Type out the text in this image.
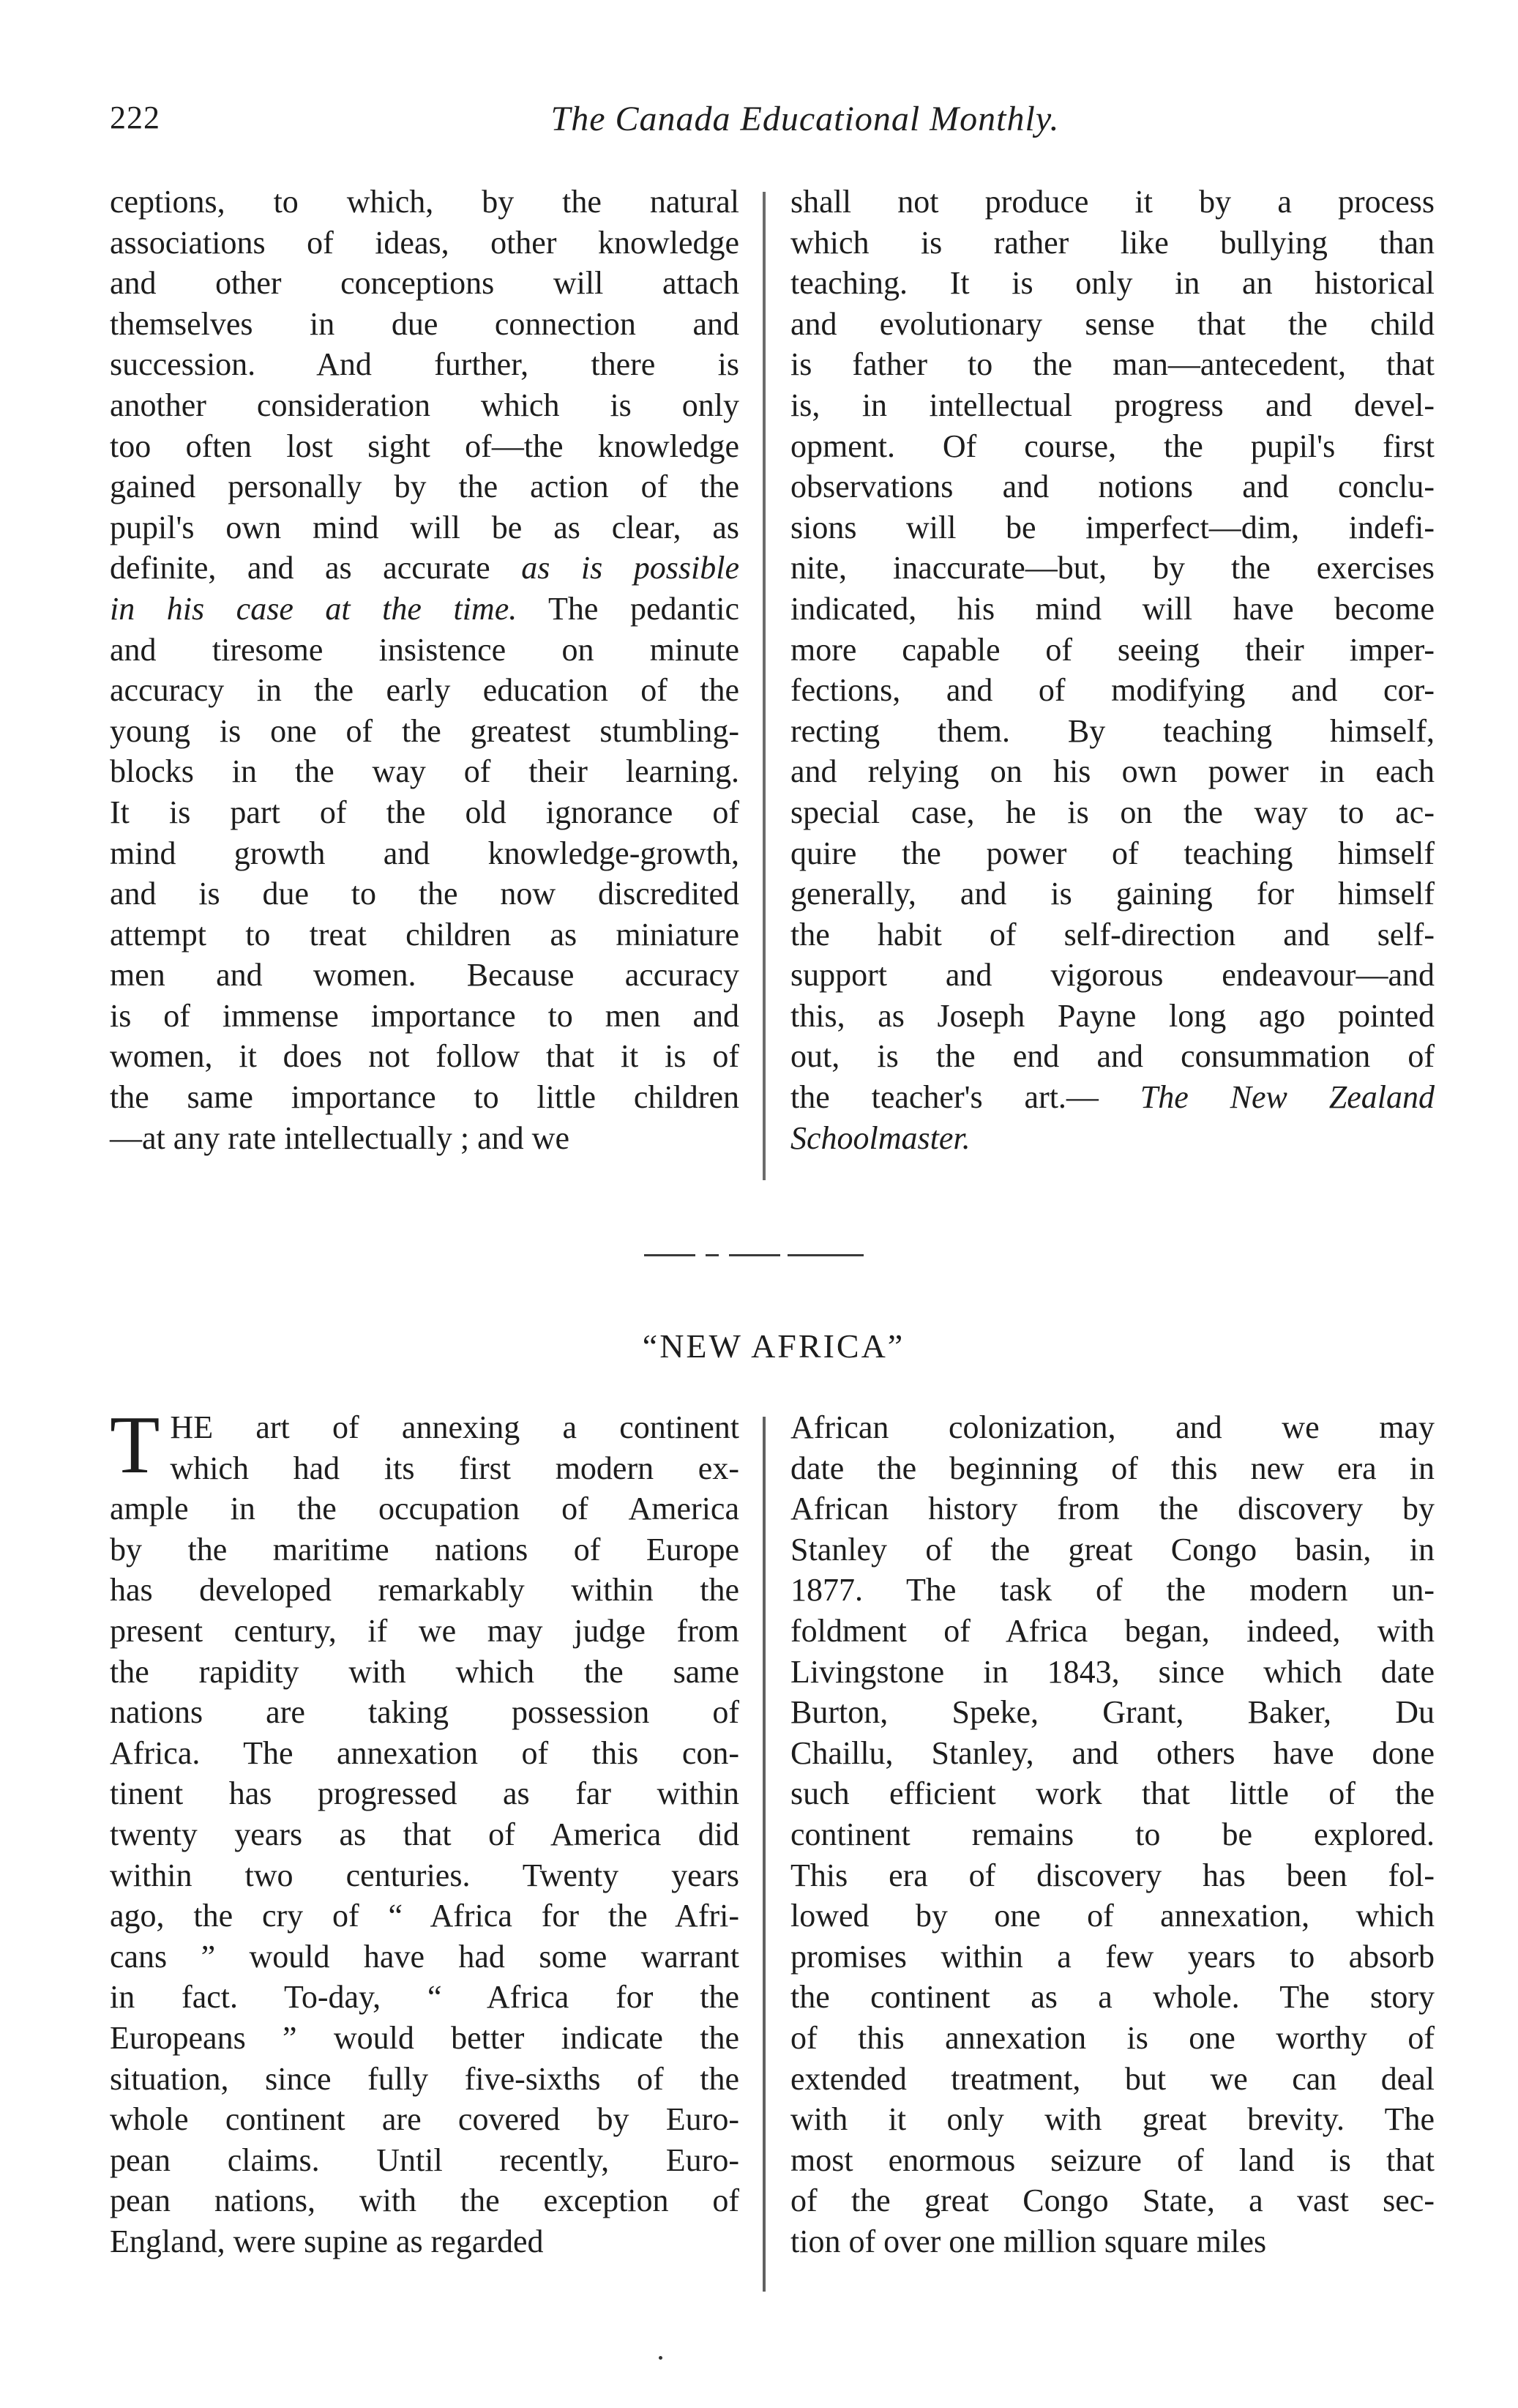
222	The Canada Educational Monthly.
ceptions, to which, by the natural
associations of ideas, other knowledge
and other conceptions will attach
themselves in due connection and
succession. And further, there is
another consideration which is only
too often lost sight of—the knowledge
gained personally by the action of the
pupil's own mind will be as clear, as
definite, and as accurate as is possible
in his case at the time. The pedantic
and tiresome insistence on minute
accuracy in the early education of the
young is one of the greatest stumbling-
blocks in the way of their learning.
It is part of the old ignorance of
mind growth and knowledge-growth,
and is due to the now discredited
attempt to treat children as miniature
men and women. Because accuracy
is of immense importance to men and
women, it does not follow that it is of
the same importance to little children
—at any rate intellectually ; and we
shall not produce it by a process
which is rather like bullying than
teaching. It is only in an historical
and evolutionary sense that the child
is father to the man—antecedent, that
is, in intellectual progress and devel-
opment. Of course, the pupil's first
observations and notions and conclu-
sions will be imperfect—dim, indefi-
nite, inaccurate—but, by the exercises
indicated, his mind will have become
more capable of seeing their imper-
fections, and of modifying and cor-
recting them. By teaching himself,
and relying on his own power in each
special case, he is on the way to ac-
quire the power of teaching himself
generally, and is gaining for himself
the habit of self-direction and self-
support and vigorous endeavour—and
this, as Joseph Payne long ago pointed
out, is the end and consummation of
the teacher's art.— The New Zealand
Schoolmaster.
“NEW AFRICA”
T HE art of annexing a continent
which had its first modern ex-
ample in the occupation of America
by the maritime nations of Europe
has developed remarkably within the
present century, if we may judge from
the rapidity with which the same
nations are taking possession of
Africa. The annexation of this con-
tinent has progressed as far within
twenty years as that of America did
within two centuries. Twenty years
ago, the cry of “ Africa for the Afri-
cans ” would have had some warrant
in fact. To-day, “ Africa for the
Europeans ” would better indicate the
situation, since fully five-sixths of the
whole continent are covered by Euro-
pean claims. Until recently, Euro-
pean nations, with the exception of
England, were supine as regarded
African colonization, and we may
date the beginning of this new era in
African history from the discovery by
Stanley of the great Congo basin, in
1877. The task of the modern un-
foldment of Africa began, indeed, with
Livingstone in 1843, since which date
Burton, Speke, Grant, Baker, Du
Chaillu, Stanley, and others have done
such efficient work that little of the
continent remains to be explored.
This era of discovery has been fol-
lowed by one of annexation, which
promises within a few years to absorb
the continent as a whole. The story
of this annexation is one worthy of
extended treatment, but we can deal
with it only with great brevity. The
most enormous seizure of land is that
of the great Congo State, a vast sec-
tion of over one million square miles
